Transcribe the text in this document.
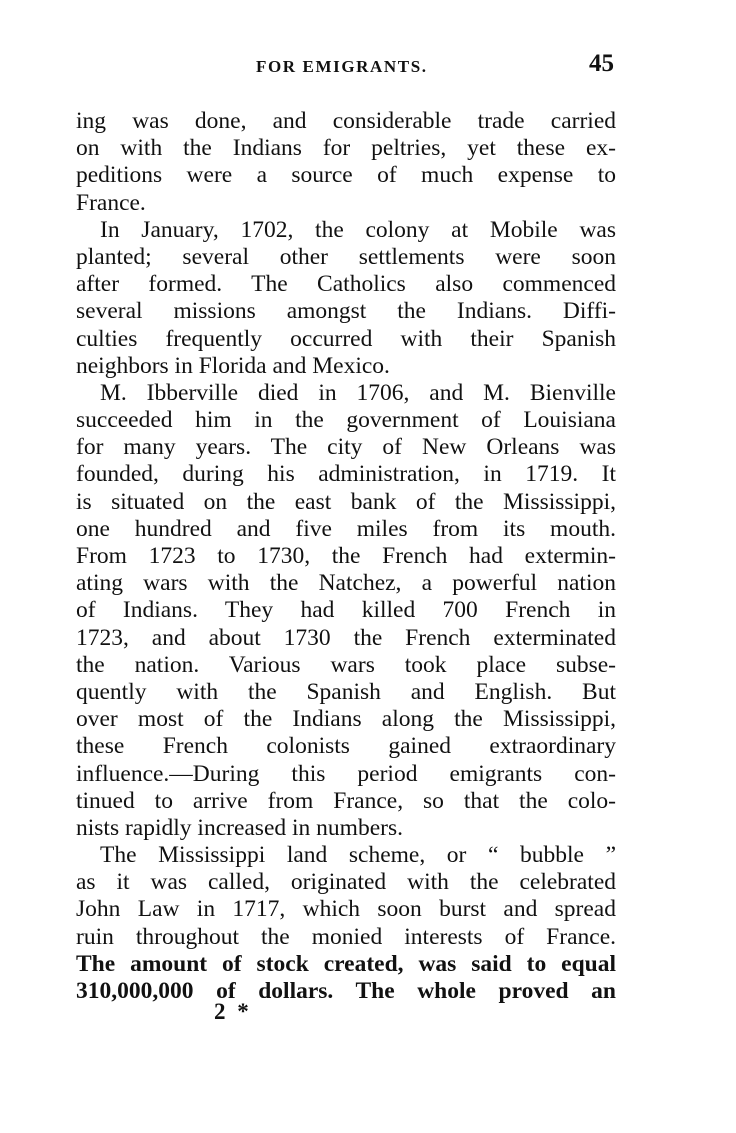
FOR EMIGRANTS.	45
ing was done, and considerable trade carried
on with the Indians for peltries, yet these ex-
peditions were a source of much expense to
France.
In January, 1702, the colony at Mobile was
planted; several other settlements were soon
after formed. The Catholics also commenced
several missions amongst the Indians. Diffi-
culties frequently occurred with their Spanish
neighbors in Florida and Mexico.
M. Ibberville died in 1706, and M. Bienville
succeeded him in the government of Louisiana
for many years. The city of New Orleans was
founded, during his administration, in 1719. It
is situated on the east bank of the Mississippi,
one hundred and five miles from its mouth.
From 1723 to 1730, the French had extermin-
ating wars with the Natchez, a powerful nation
of Indians. They had killed 700 French in
1723, and about 1730 the French exterminated
the nation. Various wars took place subse-
quently with the Spanish and English. But
over most of the Indians along the Mississippi,
these French colonists gained extraordinary
influence.—During this period emigrants con-
tinued to arrive from France, so that the colo-
nists rapidly increased in numbers.
The Mississippi land scheme, or “ bubble ”
as it was called, originated with the celebrated
John Law in 1717, which soon burst and spread
ruin throughout the monied interests of France.
The amount of stock created, was said to equal
310,000,000 of dollars. The whole proved an
2 *
